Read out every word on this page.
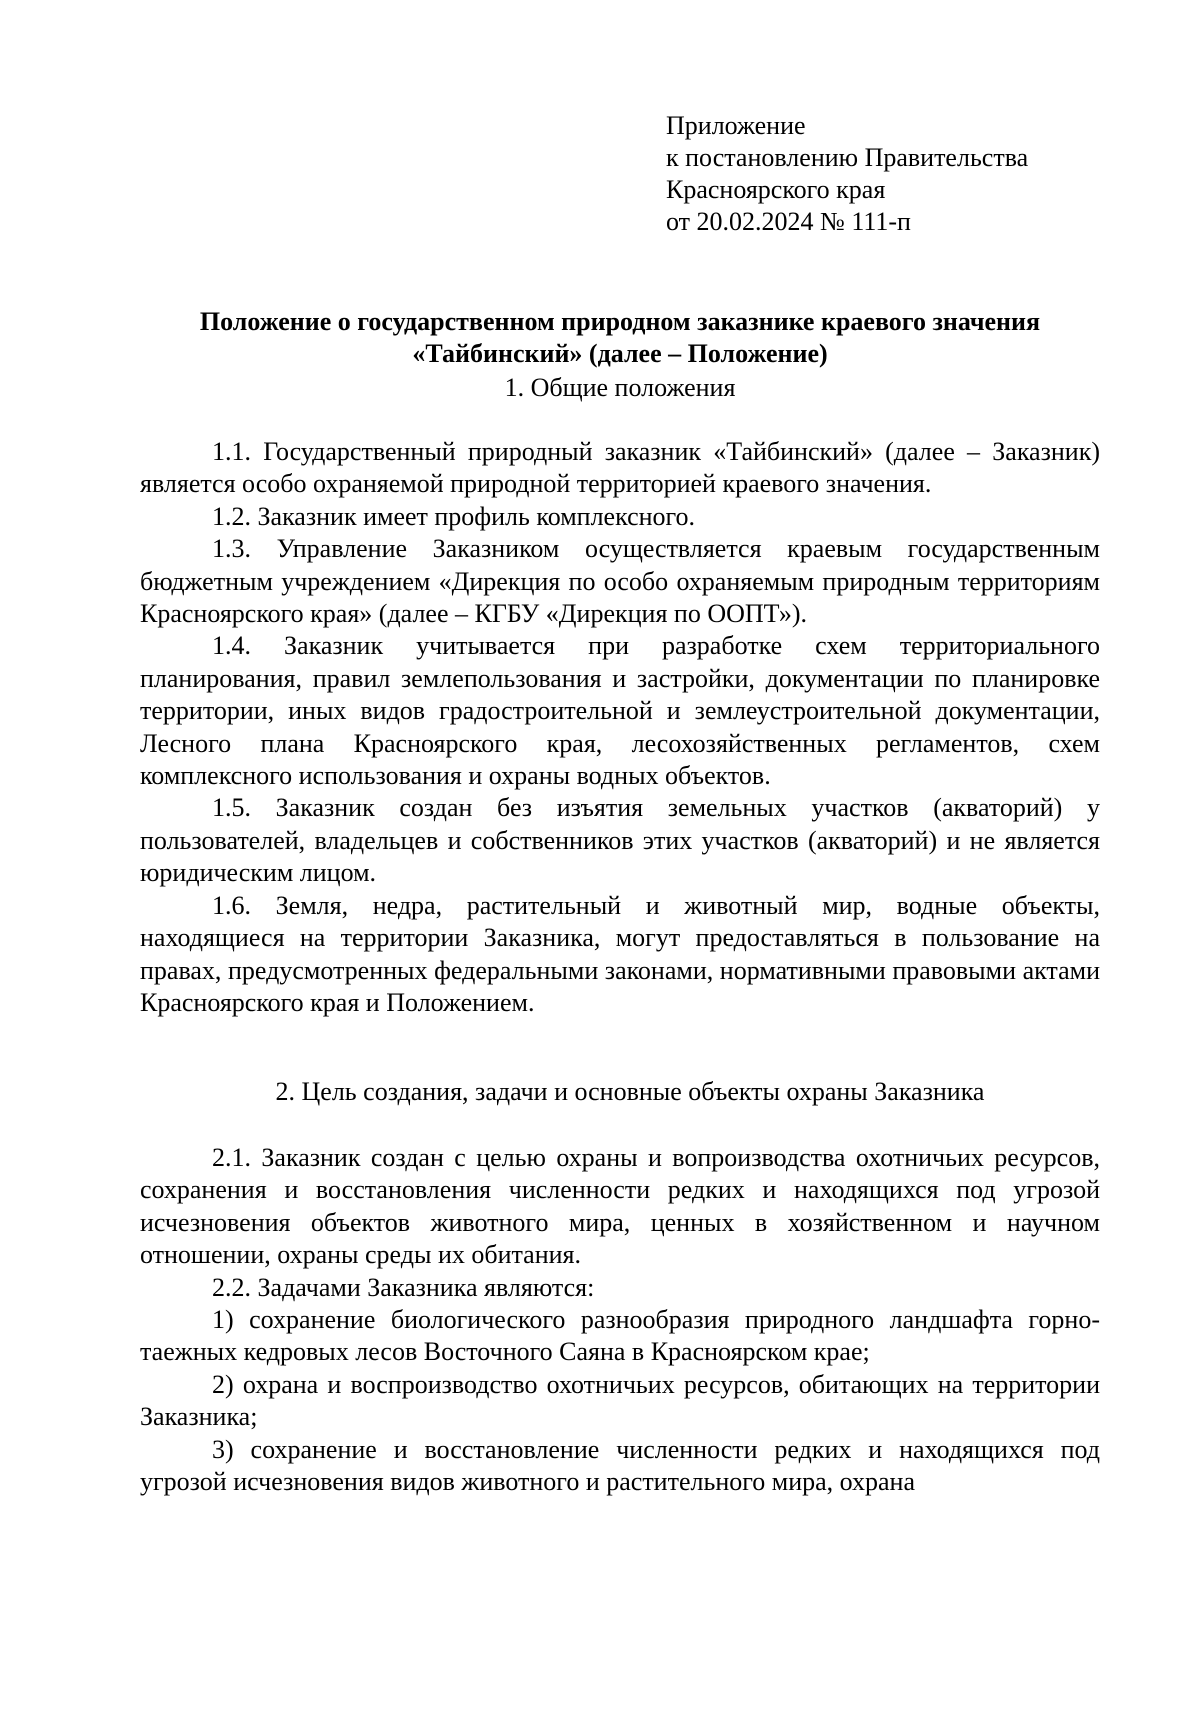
Приложение
к постановлению Правительства
Красноярского края
от 20.02.2024 № 111-п
Положение о государственном природном заказнике краевого значения
«Тайбинский» (далее – Положение)
1. Общие положения

1.1. Государственный природный заказник «Тайбинский» (далее – Заказник) является особо охраняемой природной территорией краевого значения.

1.2. Заказник имеет профиль комплексного.

1.3. Управление Заказником осуществляется краевым государственным бюджетным учреждением «Дирекция по особо охраняемым природным территориям Красноярского края» (далее – КГБУ «Дирекция по ООПТ»).

1.4. Заказник учитывается при разработке схем территориального планирования, правил землепользования и застройки, документации по планировке территории, иных видов градостроительной и землеустроительной документации, Лесного плана Красноярского края, лесохозяйственных регламентов, схем комплексного использования и охраны водных объектов.

1.5. Заказник создан без изъятия земельных участков (акваторий) у пользователей, владельцев и собственников этих участков (акваторий) и не является юридическим лицом.

1.6. Земля, недра, растительный и животный мир, водные объекты, находящиеся на территории Заказника, могут предоставляться в пользование на правах, предусмотренных федеральными законами, нормативными правовыми актами Красноярского края и Положением.

2. Цель создания, задачи и основные объекты охраны Заказника

2.1. Заказник создан с целью охраны и вопроизводства охотничьих ресурсов, сохранения и восстановления численности редких и находящихся под угрозой исчезновения объектов животного мира, ценных в хозяйственном и научном отношении, охраны среды их обитания.

2.2. Задачами Заказника являются:

1) сохранение биологического разнообразия природного ландшафта горно-таежных кедровых лесов Восточного Саяна в Красноярском крае;

2) охрана и воспроизводство охотничьих ресурсов, обитающих на территории Заказника;

3) сохранение и восстановление численности редких и находящихся под угрозой исчезновения видов животного и растительного мира, охрана
